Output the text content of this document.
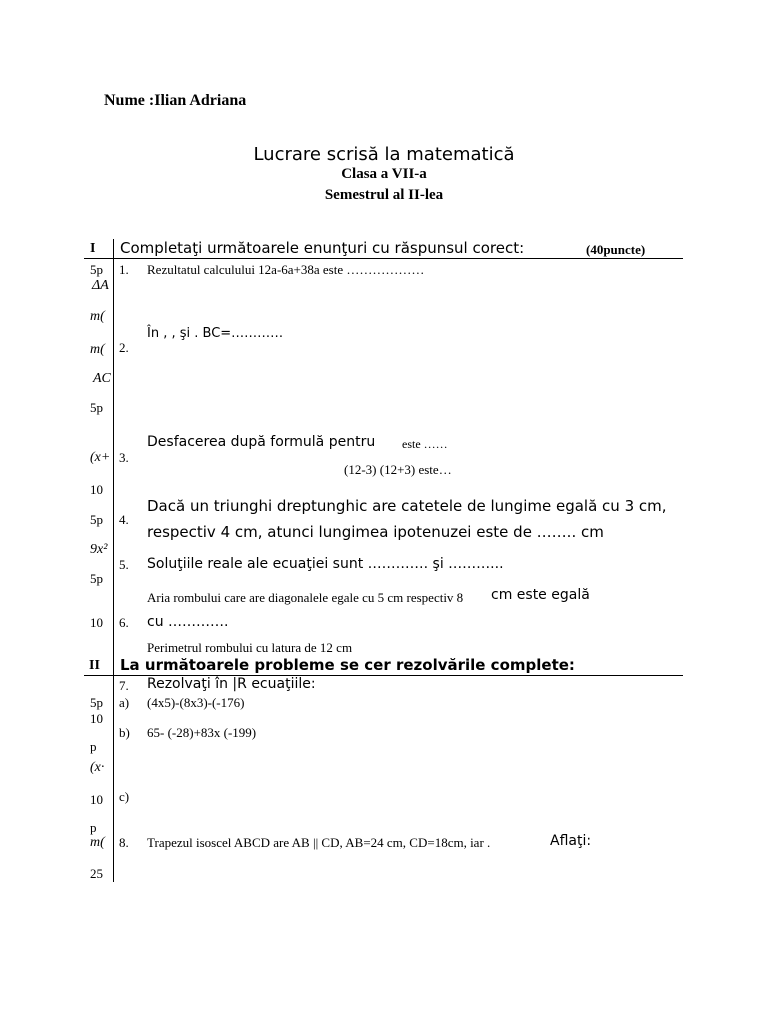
Nume :Ilian Adriana
Lucrare scrisă la matematică
Clasa a VII-a
Semestrul al II-lea
I Completaţi următoarele enunţuri cu răspunsul corect:	(40puncte)
5p
ΔA
m(
m(
AC
5p
(x+
10
5p
9x²
5p
10
1. Rezultatul calculului 12a-6a+38a este ………………
În , , şi . BC=…………
2.
Desfacerea după formulă pentru este ……
3.
(12-3) (12+3) este…
Dacă un triunghi dreptunghic are catetele de lungime egală cu 3 cm,
4.
respectiv 4 cm, atunci lungimea ipotenuzei este de …….. cm
5. Soluţiile reale ale ecuaţiei sunt …………. şi ………...
Aria rombului care are diagonalele egale cu 5 cm respectiv 8 cm este egală
6. cu ………….
Perimetrul rombului cu latura de 12 cm
II La următoarele probleme se cer rezolvările complete:
5p
10
p
(x·
10
p
m(
25
7. Rezolvaţi în |R ecuaţiile:
a) (4x5)-(8x3)-(-176)
b) 65- (-28)+83x (-199)
c)
8. Trapezul isoscel ABCD are AB || CD, AB=24 cm, CD=18cm, iar .	Aflaţi:
